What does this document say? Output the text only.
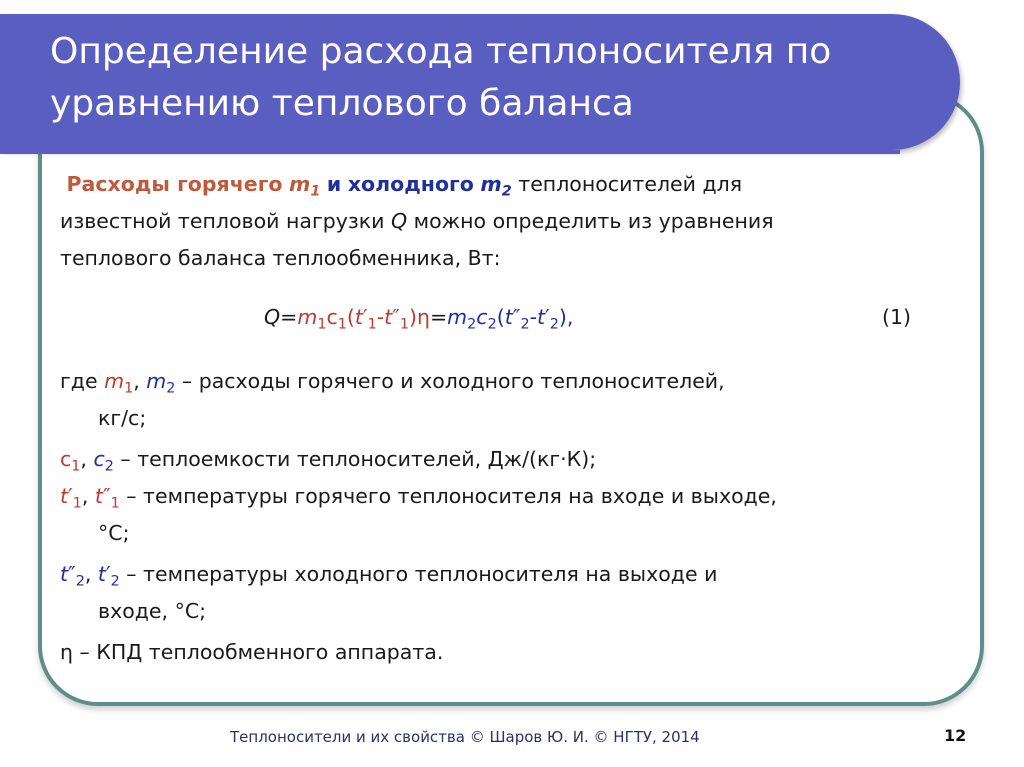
Определение расхода теплоносителя по
уравнению теплового баланса
Расходы горячего $m_1$ и холодного $m_2$ теплоносителей для
известной тепловой нагрузки Q можно определить из уравнения
теплового баланса теплообменника, Вт:
$Q=m_1c_1(t'_1-t''_1)\eta=m_2c_2(t''_2-t'_2)$,	(1)

где $m_1$, $m_2$ – расходы горячего и холодного теплоносителей,

кг/с;

$c_1$, $c_2$ – теплоемкости теплоносителей, Дж/(кг·К);

$t'_1$, $t''_1$ – температуры горячего теплоносителя на входе и выходе,

°С;

$t''_2$, $t'_2$ – температуры холодного теплоносителя на выходе и

входе, °С;

η – КПД теплообменного аппарата.

Теплоносители и их свойства © Шаров Ю. И. © НГТУ, 2014	12
